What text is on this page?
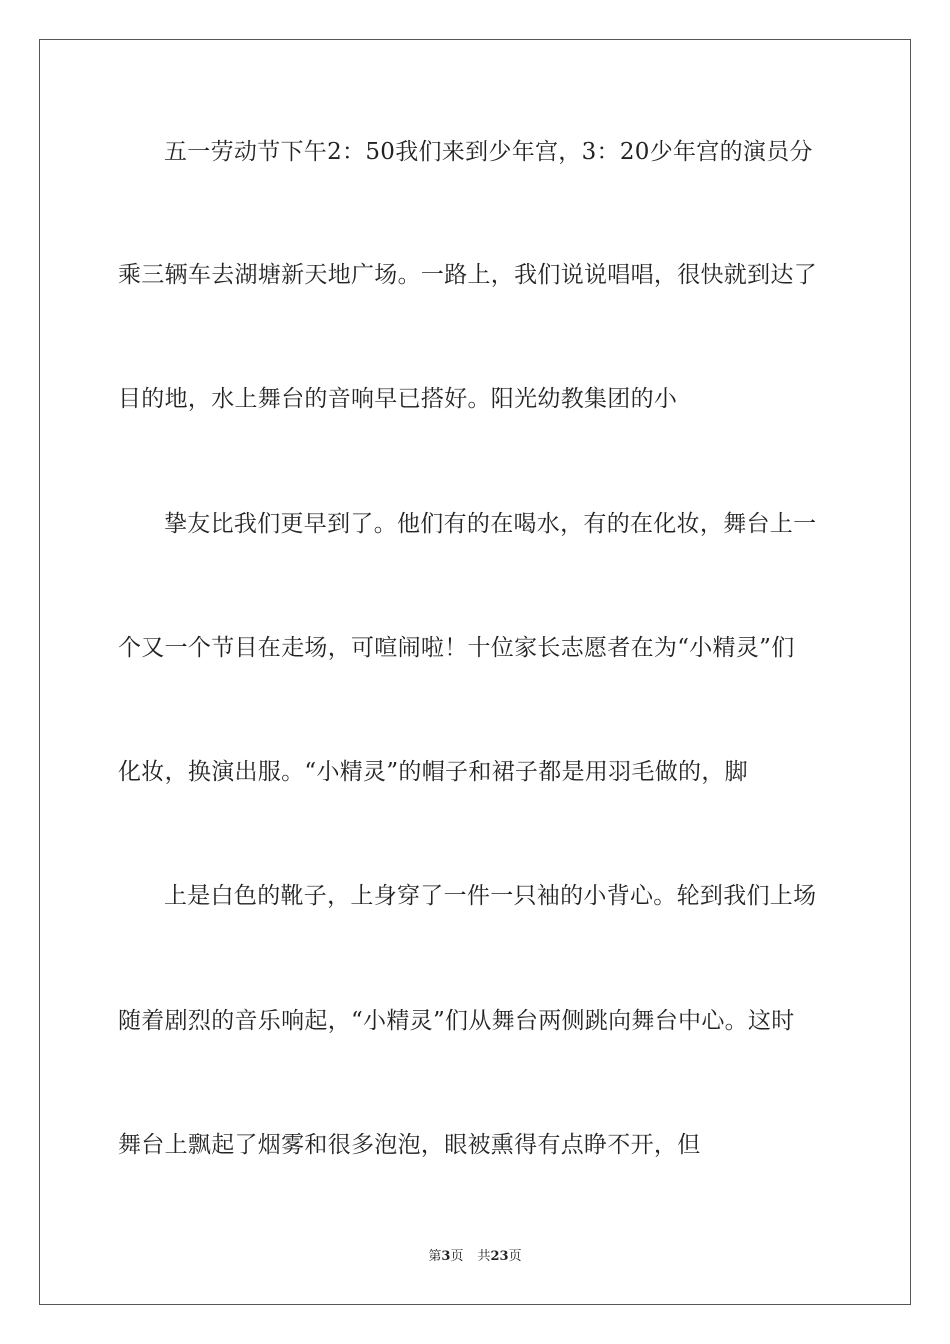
五一劳动节下午2：50我们来到少年宫，3：20少年宫的演员分
乘三辆车去湖塘新天地广场。一路上，我们说说唱唱，很快就到达了
目的地，水上舞台的音响早已搭好。阳光幼教集团的小
挚友比我们更早到了。他们有的在喝水，有的在化妆，舞台上一
个又一个节目在走场，可喧闹啦！十位家长志愿者在为“小精灵”们
化妆，换演出服。“小精灵”的帽子和裙子都是用羽毛做的，脚
上是白色的靴子，上身穿了一件一只袖的小背心。轮到我们上场
随着剧烈的音乐响起，“小精灵”们从舞台两侧跳向舞台中心。这时
舞台上飘起了烟雾和很多泡泡，眼被熏得有点睁不开，但
第3页 共23页
